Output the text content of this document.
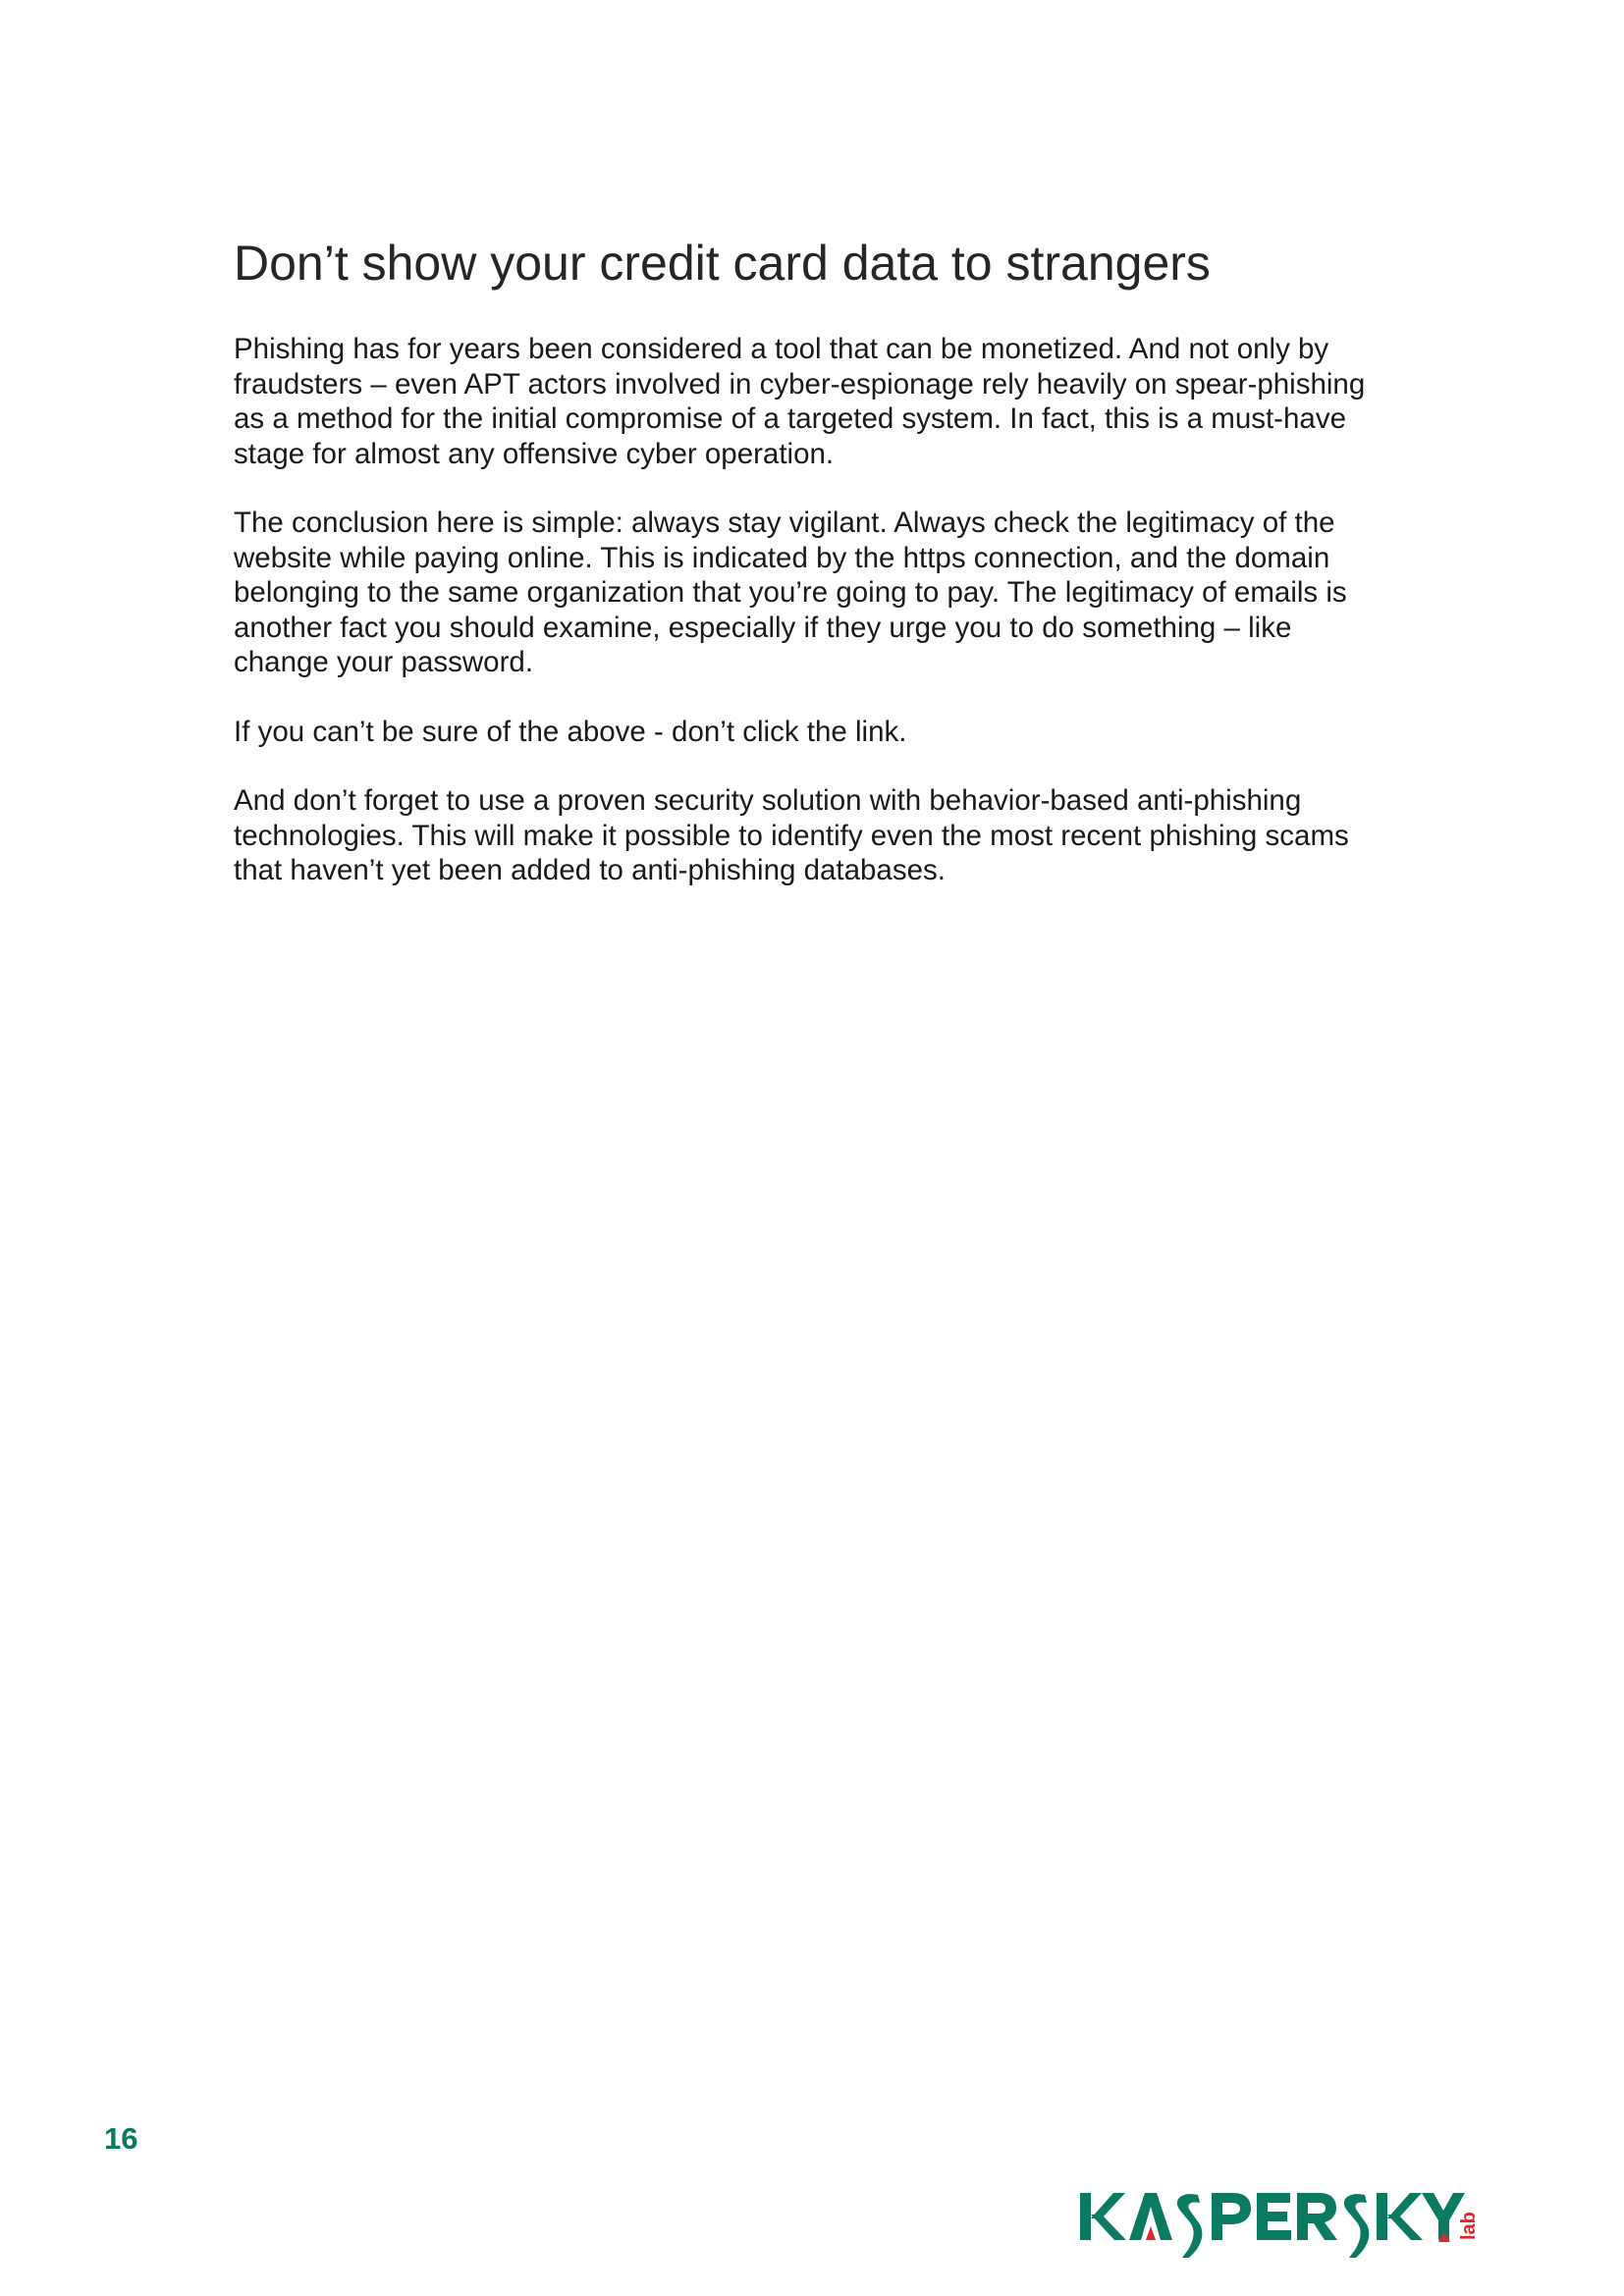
Don’t show your credit card data to strangers
Phishing has for years been considered a tool that can be monetized. And not only by
fraudsters – even APT actors involved in cyber-espionage rely heavily on spear-phishing
as a method for the initial compromise of a targeted system. In fact, this is a must-have
stage for almost any offensive cyber operation.
The conclusion here is simple: always stay vigilant. Always check the legitimacy of the
website while paying online. This is indicated by the https connection, and the domain
belonging to the same organization that you’re going to pay. The legitimacy of emails is
another fact you should examine, especially if they urge you to do something – like
change your password.
If you can’t be sure of the above - don’t click the link.
And don’t forget to use a proven security solution with behavior-based anti-phishing
technologies. This will make it possible to identify even the most recent phishing scams
that haven’t yet been added to anti-phishing databases.
16
lab
